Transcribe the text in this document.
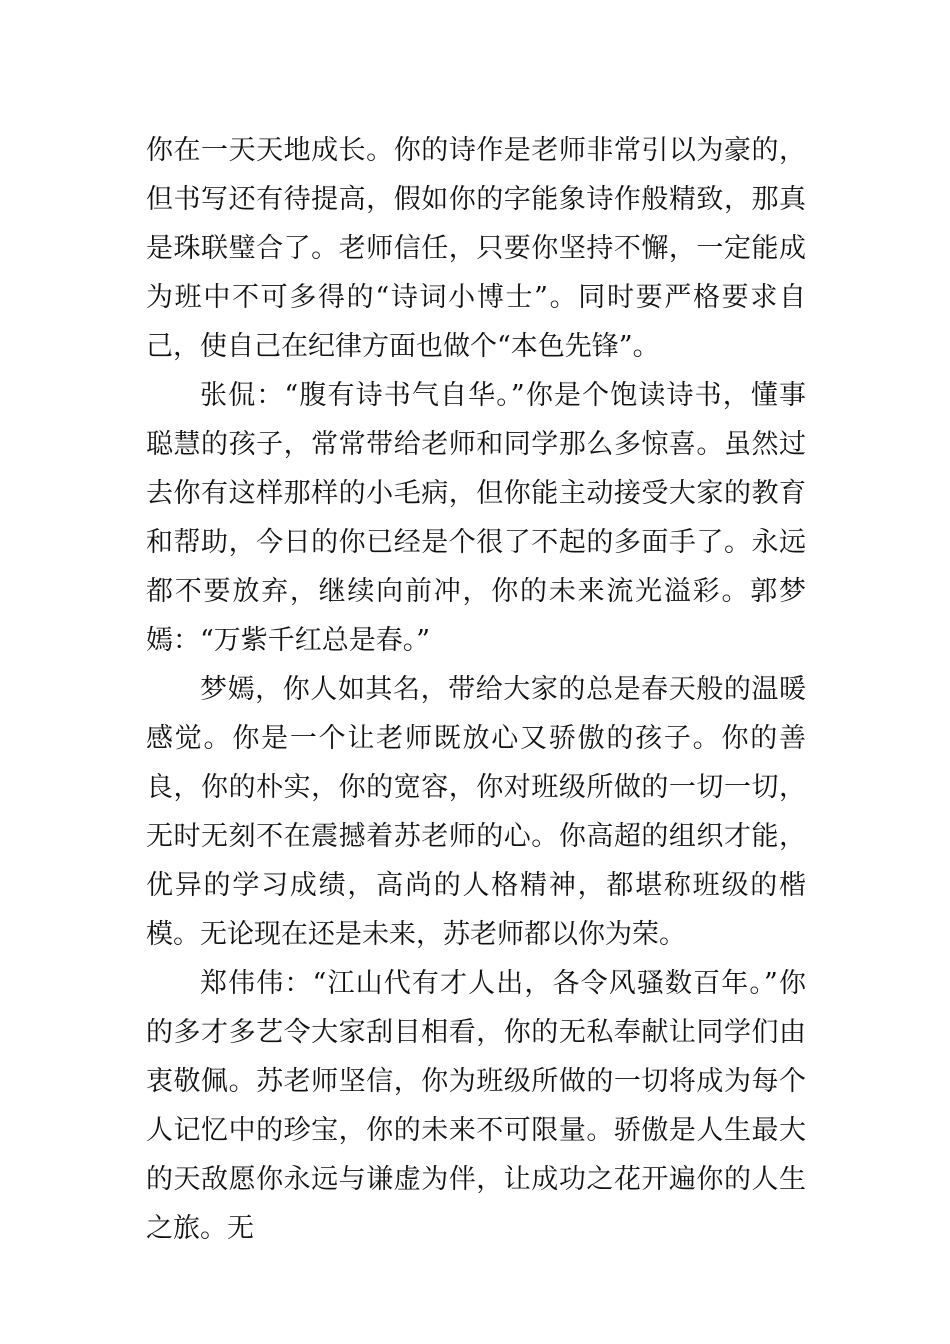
你在一天天地成长。你的诗作是老师非常引以为豪的，但书写还有待提高，假如你的字能象诗作般精致，那真是珠联璧合了。老师信任，只要你坚持不懈，一定能成为班中不可多得的“诗词小博士”。同时要严格要求自己，使自己在纪律方面也做个“本色先锋”。

张侃：“腹有诗书气自华。”你是个饱读诗书，懂事聪慧的孩子，常常带给老师和同学那么多惊喜。虽然过去你有这样那样的小毛病，但你能主动接受大家的教育和帮助，今日的你已经是个很了不起的多面手了。永远都不要放弃，继续向前冲，你的未来流光溢彩。郭梦嫣：“万紫千红总是春。”

梦嫣，你人如其名，带给大家的总是春天般的温暖感觉。你是一个让老师既放心又骄傲的孩子。你的善良，你的朴实，你的宽容，你对班级所做的一切一切，无时无刻不在震撼着苏老师的心。你高超的组织才能，优异的学习成绩，高尚的人格精神，都堪称班级的楷模。无论现在还是未来，苏老师都以你为荣。

郑伟伟：“江山代有才人出，各令风骚数百年。”你的多才多艺令大家刮目相看，你的无私奉献让同学们由衷敬佩。苏老师坚信，你为班级所做的一切将成为每个人记忆中的珍宝，你的未来不可限量。骄傲是人生最大的天敌愿你永远与谦虚为伴，让成功之花开遍你的人生之旅。无
